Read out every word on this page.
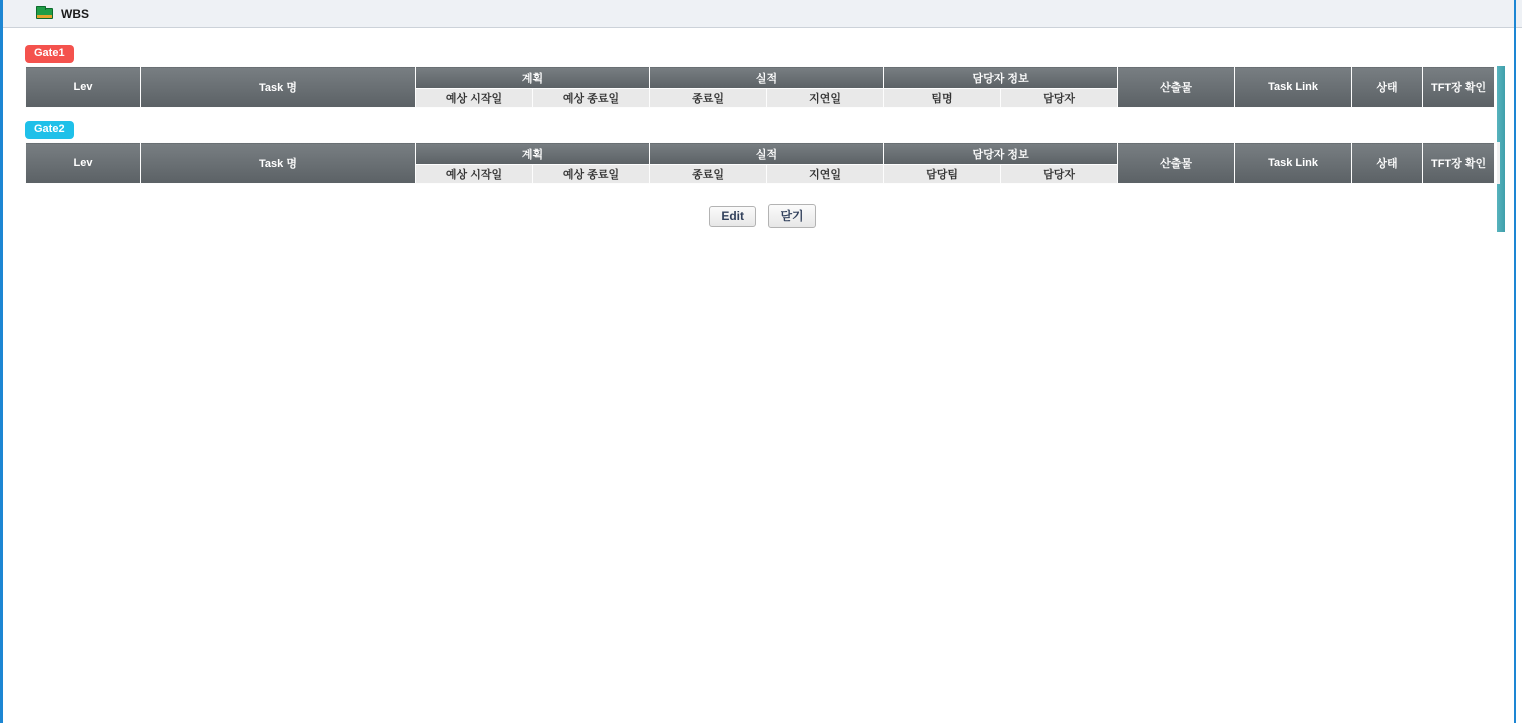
WBS
Gate1
Lev	Task 명	계획		실적		담당자 정보		산출물	Task Link	상태	TFT장 확인
		예상 시작일	예상 종료일	종료일	지연일	팀명	담당자				
Gate2
Lev	Task 명	계획		실적		담당자 정보		산출물	Task Link	상태	TFT장 확인
		예상 시작일	예상 종료일	종료일	지연일	담당팀	담당자				
Edit	닫기
